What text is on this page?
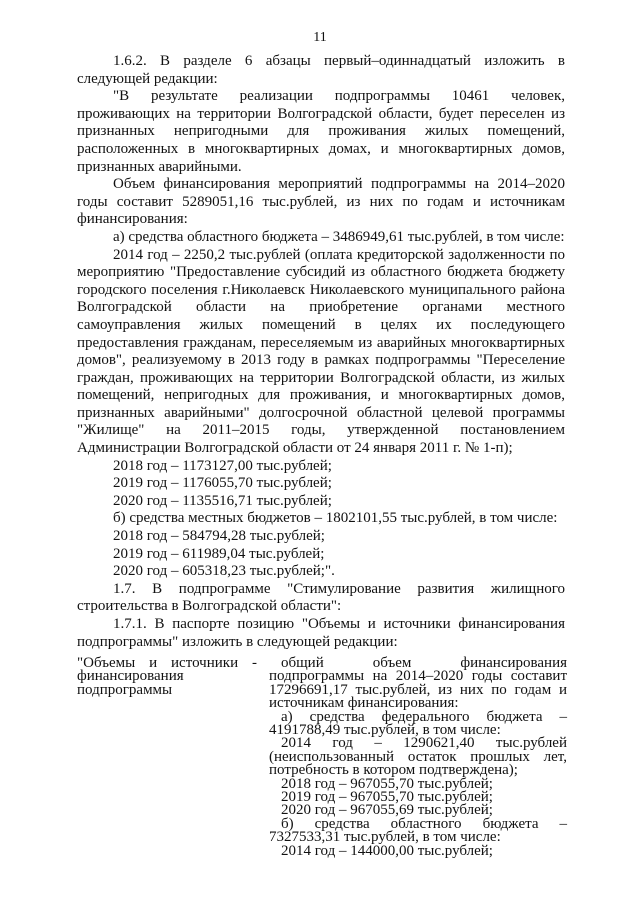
11

1.6.2. В разделе 6 абзацы первый–одиннадцатый изложить в следующей редакции:

"В результате реализации подпрограммы 10461 человек, проживающих на территории Волгоградской области, будет переселен из признанных непригодными для проживания жилых помещений, расположенных в многоквартирных домах, и многоквартирных домов, признанных аварийными.

Объем финансирования мероприятий подпрограммы на 2014–2020 годы составит 5289051,16 тыс.рублей, из них по годам и источникам финансирования:

а) средства областного бюджета – 3486949,61 тыс.рублей, в том числе:

2014 год – 2250,2 тыс.рублей (оплата кредиторской задолженности по мероприятию "Предоставление субсидий из областного бюджета бюджету городского поселения г.Николаевск Николаевского муниципального района Волгоградской области на приобретение органами местного самоуправления жилых помещений в целях их последующего предоставления гражданам, переселяемым из аварийных многоквартирных домов", реализуемому в 2013 году в рамках подпрограммы "Переселение граждан, проживающих на территории Волгоградской области, из жилых помещений, непригодных для проживания, и многоквартирных домов, признанных аварийными" долгосрочной областной целевой программы "Жилище" на 2011–2015 годы, утвержденной постановлением Администрации Волгоградской области от 24 января 2011 г. № 1-п);

2018 год – 1173127,00 тыс.рублей;

2019 год – 1176055,70 тыс.рублей;

2020 год – 1135516,71 тыс.рублей;

б) средства местных бюджетов – 1802101,55 тыс.рублей, в том числе:

2018 год – 584794,28 тыс.рублей;

2019 год – 611989,04 тыс.рублей;

2020 год – 605318,23 тыс.рублей;".

1.7. В подпрограмме "Стимулирование развития жилищного строительства в Волгоградской области":

1.7.1. В паспорте позицию "Объемы и источники финансирования подпрограммы" изложить в следующей редакции:

"Объемы и источники - финансирования подпрограммы

общий объем финансирования подпрограммы на 2014–2020 годы составит 17296691,17 тыс.рублей, из них по годам и источникам финансирования:

а) средства федерального бюджета – 4191788,49 тыс.рублей, в том числе:

2014 год – 1290621,40 тыс.рублей (неиспользованный остаток прошлых лет, потребность в котором подтверждена);

2018 год – 967055,70 тыс.рублей;

2019 год – 967055,70 тыс.рублей;

2020 год – 967055,69 тыс.рублей;

б) средства областного бюджета – 7327533,31 тыс.рублей, в том числе:

2014 год – 144000,00 тыс.рублей;
